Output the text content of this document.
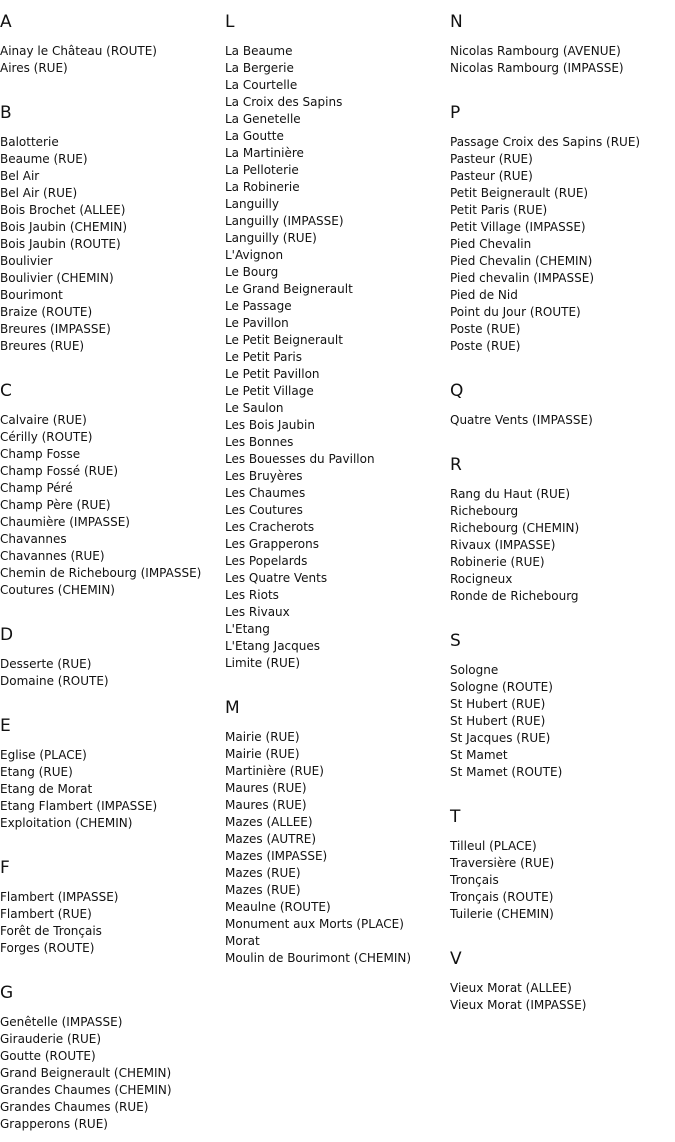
A
Ainay le Château (ROUTE)
Aires (RUE)
B
Balotterie
Beaume (RUE)
Bel Air
Bel Air (RUE)
Bois Brochet (ALLEE)
Bois Jaubin (CHEMIN)
Bois Jaubin (ROUTE)
Boulivier
Boulivier (CHEMIN)
Bourimont
Braize (ROUTE)
Breures (IMPASSE)
Breures (RUE)
C
Calvaire (RUE)
Cérilly (ROUTE)
Champ Fosse
Champ Fossé (RUE)
Champ Péré
Champ Père (RUE)
Chaumière (IMPASSE)
Chavannes
Chavannes (RUE)
Chemin de Richebourg (IMPASSE)
Coutures (CHEMIN)
D
Desserte (RUE)
Domaine (ROUTE)
E
Eglise (PLACE)
Etang (RUE)
Etang de Morat
Etang Flambert (IMPASSE)
Exploitation (CHEMIN)
F
Flambert (IMPASSE)
Flambert (RUE)
Forêt de Tronçais
Forges (ROUTE)
G
Genêtelle (IMPASSE)
Girauderie (RUE)
Goutte (ROUTE)
Grand Beignerault (CHEMIN)
Grandes Chaumes (CHEMIN)
Grandes Chaumes (RUE)
Grapperons (RUE)
L
La Beaume
La Bergerie
La Courtelle
La Croix des Sapins
La Genetelle
La Goutte
La Martinière
La Pelloterie
La Robinerie
Languilly
Languilly (IMPASSE)
Languilly (RUE)
L'Avignon
Le Bourg
Le Grand Beignerault
Le Passage
Le Pavillon
Le Petit Beignerault
Le Petit Paris
Le Petit Pavillon
Le Petit Village
Le Saulon
Les Bois Jaubin
Les Bonnes
Les Bouesses du Pavillon
Les Bruyères
Les Chaumes
Les Coutures
Les Cracherots
Les Grapperons
Les Popelards
Les Quatre Vents
Les Riots
Les Rivaux
L'Etang
L'Etang Jacques
Limite (RUE)
M
Mairie (RUE)
Mairie (RUE)
Martinière (RUE)
Maures (RUE)
Maures (RUE)
Mazes (ALLEE)
Mazes (AUTRE)
Mazes (IMPASSE)
Mazes (RUE)
Mazes (RUE)
Meaulne (ROUTE)
Monument aux Morts (PLACE)
Morat
Moulin de Bourimont (CHEMIN)
N
Nicolas Rambourg (AVENUE)
Nicolas Rambourg (IMPASSE)
P
Passage Croix des Sapins (RUE)
Pasteur (RUE)
Pasteur (RUE)
Petit Beignerault (RUE)
Petit Paris (RUE)
Petit Village (IMPASSE)
Pied Chevalin
Pied Chevalin (CHEMIN)
Pied chevalin (IMPASSE)
Pied de Nid
Point du Jour (ROUTE)
Poste (RUE)
Poste (RUE)
Q
Quatre Vents (IMPASSE)
R
Rang du Haut (RUE)
Richebourg
Richebourg (CHEMIN)
Rivaux (IMPASSE)
Robinerie (RUE)
Rocigneux
Ronde de Richebourg
S
Sologne
Sologne (ROUTE)
St Hubert (RUE)
St Hubert (RUE)
St Jacques (RUE)
St Mamet
St Mamet (ROUTE)
T
Tilleul (PLACE)
Traversière (RUE)
Tronçais
Tronçais (ROUTE)
Tuilerie (CHEMIN)
V
Vieux Morat (ALLEE)
Vieux Morat (IMPASSE)
